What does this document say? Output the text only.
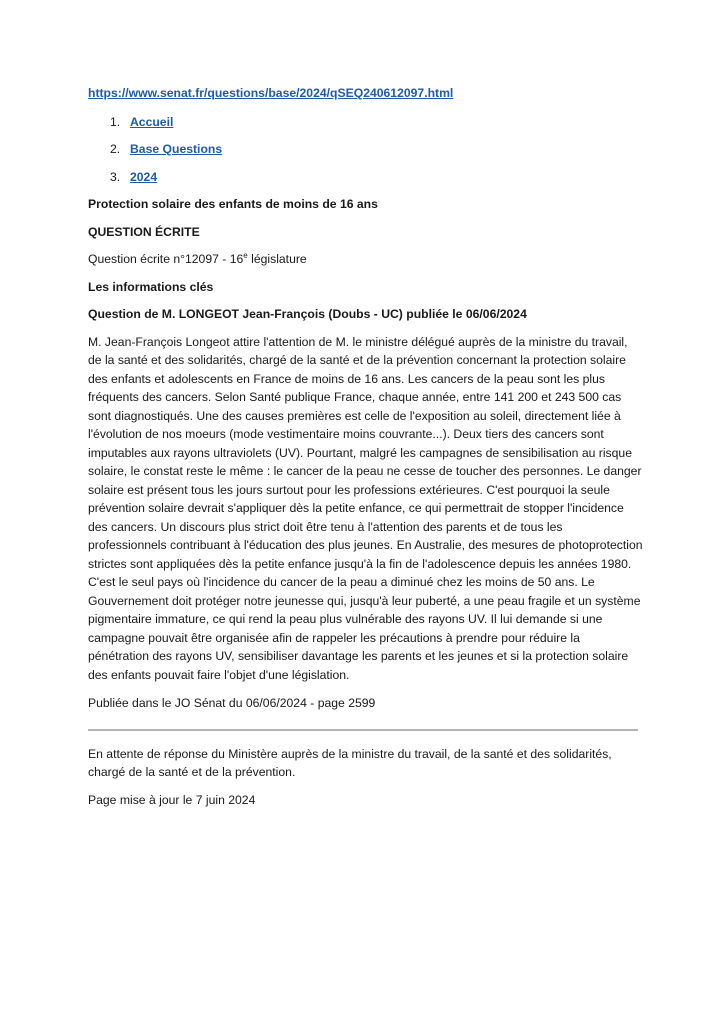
https://www.senat.fr/questions/base/2024/qSEQ240612097.html
1. Accueil
2. Base Questions
3. 2024

Protection solaire des enfants de moins de 16 ans

QUESTION ÉCRITE

Question écrite n°12097 - 16e législature

Les informations clés

Question de M. LONGEOT Jean-François (Doubs - UC) publiée le 06/06/2024

M. Jean-François Longeot attire l'attention de M. le ministre délégué auprès de la ministre du travail, de la santé et des solidarités, chargé de la santé et de la prévention concernant la protection solaire des enfants et adolescents en France de moins de 16 ans. Les cancers de la peau sont les plus fréquents des cancers. Selon Santé publique France, chaque année, entre 141 200 et 243 500 cas sont diagnostiqués. Une des causes premières est celle de l'exposition au soleil, directement liée à l'évolution de nos moeurs (mode vestimentaire moins couvrante...). Deux tiers des cancers sont imputables aux rayons ultraviolets (UV). Pourtant, malgré les campagnes de sensibilisation au risque solaire, le constat reste le même : le cancer de la peau ne cesse de toucher des personnes. Le danger solaire est présent tous les jours surtout pour les professions extérieures. C'est pourquoi la seule prévention solaire devrait s'appliquer dès la petite enfance, ce qui permettrait de stopper l'incidence des cancers. Un discours plus strict doit être tenu à l'attention des parents et de tous les professionnels contribuant à l'éducation des plus jeunes. En Australie, des mesures de photoprotection strictes sont appliquées dès la petite enfance jusqu'à la fin de l'adolescence depuis les années 1980. C'est le seul pays où l'incidence du cancer de la peau a diminué chez les moins de 50 ans. Le Gouvernement doit protéger notre jeunesse qui, jusqu'à leur puberté, a une peau fragile et un système pigmentaire immature, ce qui rend la peau plus vulnérable des rayons UV. Il lui demande si une campagne pouvait être organisée afin de rappeler les précautions à prendre pour réduire la pénétration des rayons UV, sensibiliser davantage les parents et les jeunes et si la protection solaire des enfants pouvait faire l'objet d'une législation.

Publiée dans le JO Sénat du 06/06/2024 - page 2599

En attente de réponse du Ministère auprès de la ministre du travail, de la santé et des solidarités, chargé de la santé et de la prévention.

Page mise à jour le 7 juin 2024
